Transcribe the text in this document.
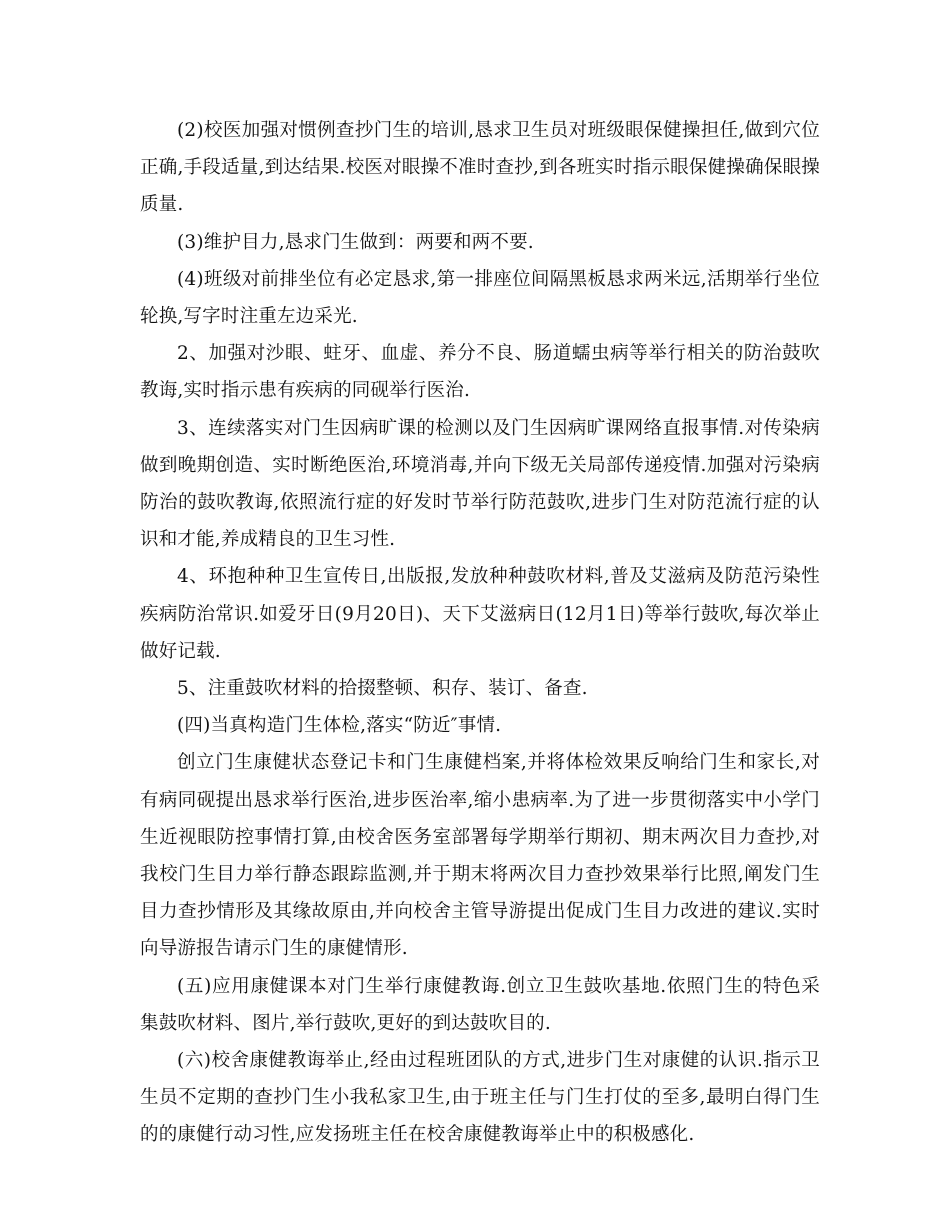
(2)校医加强对惯例查抄门生的培训,恳求卫生员对班级眼保健操担任,做到穴位正确,手段适量,到达结果.校医对眼操不准时查抄,到各班实时指示眼保健操确保眼操质量.

(3)维护目力,恳求门生做到：两要和两不要.

(4)班级对前排坐位有必定恳求,第一排座位间隔黑板恳求两米远,活期举行坐位轮换,写字时注重左边采光.

2、加强对沙眼、蛀牙、血虚、养分不良、肠道蠕虫病等举行相关的防治鼓吹教诲,实时指示患有疾病的同砚举行医治.

3、连续落实对门生因病旷课的检测以及门生因病旷课网络直报事情.对传染病做到晚期创造、实时断绝医治,环境消毒,并向下级无关局部传递疫情.加强对污染病防治的鼓吹教诲,依照流行症的好发时节举行防范鼓吹,进步门生对防范流行症的认识和才能,养成精良的卫生习性.

4、环抱种种卫生宣传日,出版报,发放种种鼓吹材料,普及艾滋病及防范污染性疾病防治常识.如爱牙日(9月20日)、天下艾滋病日(12月1日)等举行鼓吹,每次举止做好记载.

5、注重鼓吹材料的拾掇整顿、积存、装订、备查.

(四)当真构造门生体检,落实“防近″事情.

创立门生康健状态登记卡和门生康健档案,并将体检效果反响给门生和家长,对有病同砚提出恳求举行医治,进步医治率,缩小患病率.为了进一步贯彻落实中小学门生近视眼防控事情打算,由校舍医务室部署每学期举行期初、期末两次目力查抄,对我校门生目力举行静态跟踪监测,并于期末将两次目力查抄效果举行比照,阐发门生目力查抄情形及其缘故原由,并向校舍主管导游提出促成门生目力改进的建议.实时向导游报告请示门生的康健情形.

(五)应用康健课本对门生举行康健教诲.创立卫生鼓吹基地.依照门生的特色采集鼓吹材料、图片,举行鼓吹,更好的到达鼓吹目的.

(六)校舍康健教诲举止,经由过程班团队的方式,进步门生对康健的认识.指示卫生员不定期的查抄门生小我私家卫生,由于班主任与门生打仗的至多,最明白得门生的的康健行动习性,应发扬班主任在校舍康健教诲举止中的积极感化.
